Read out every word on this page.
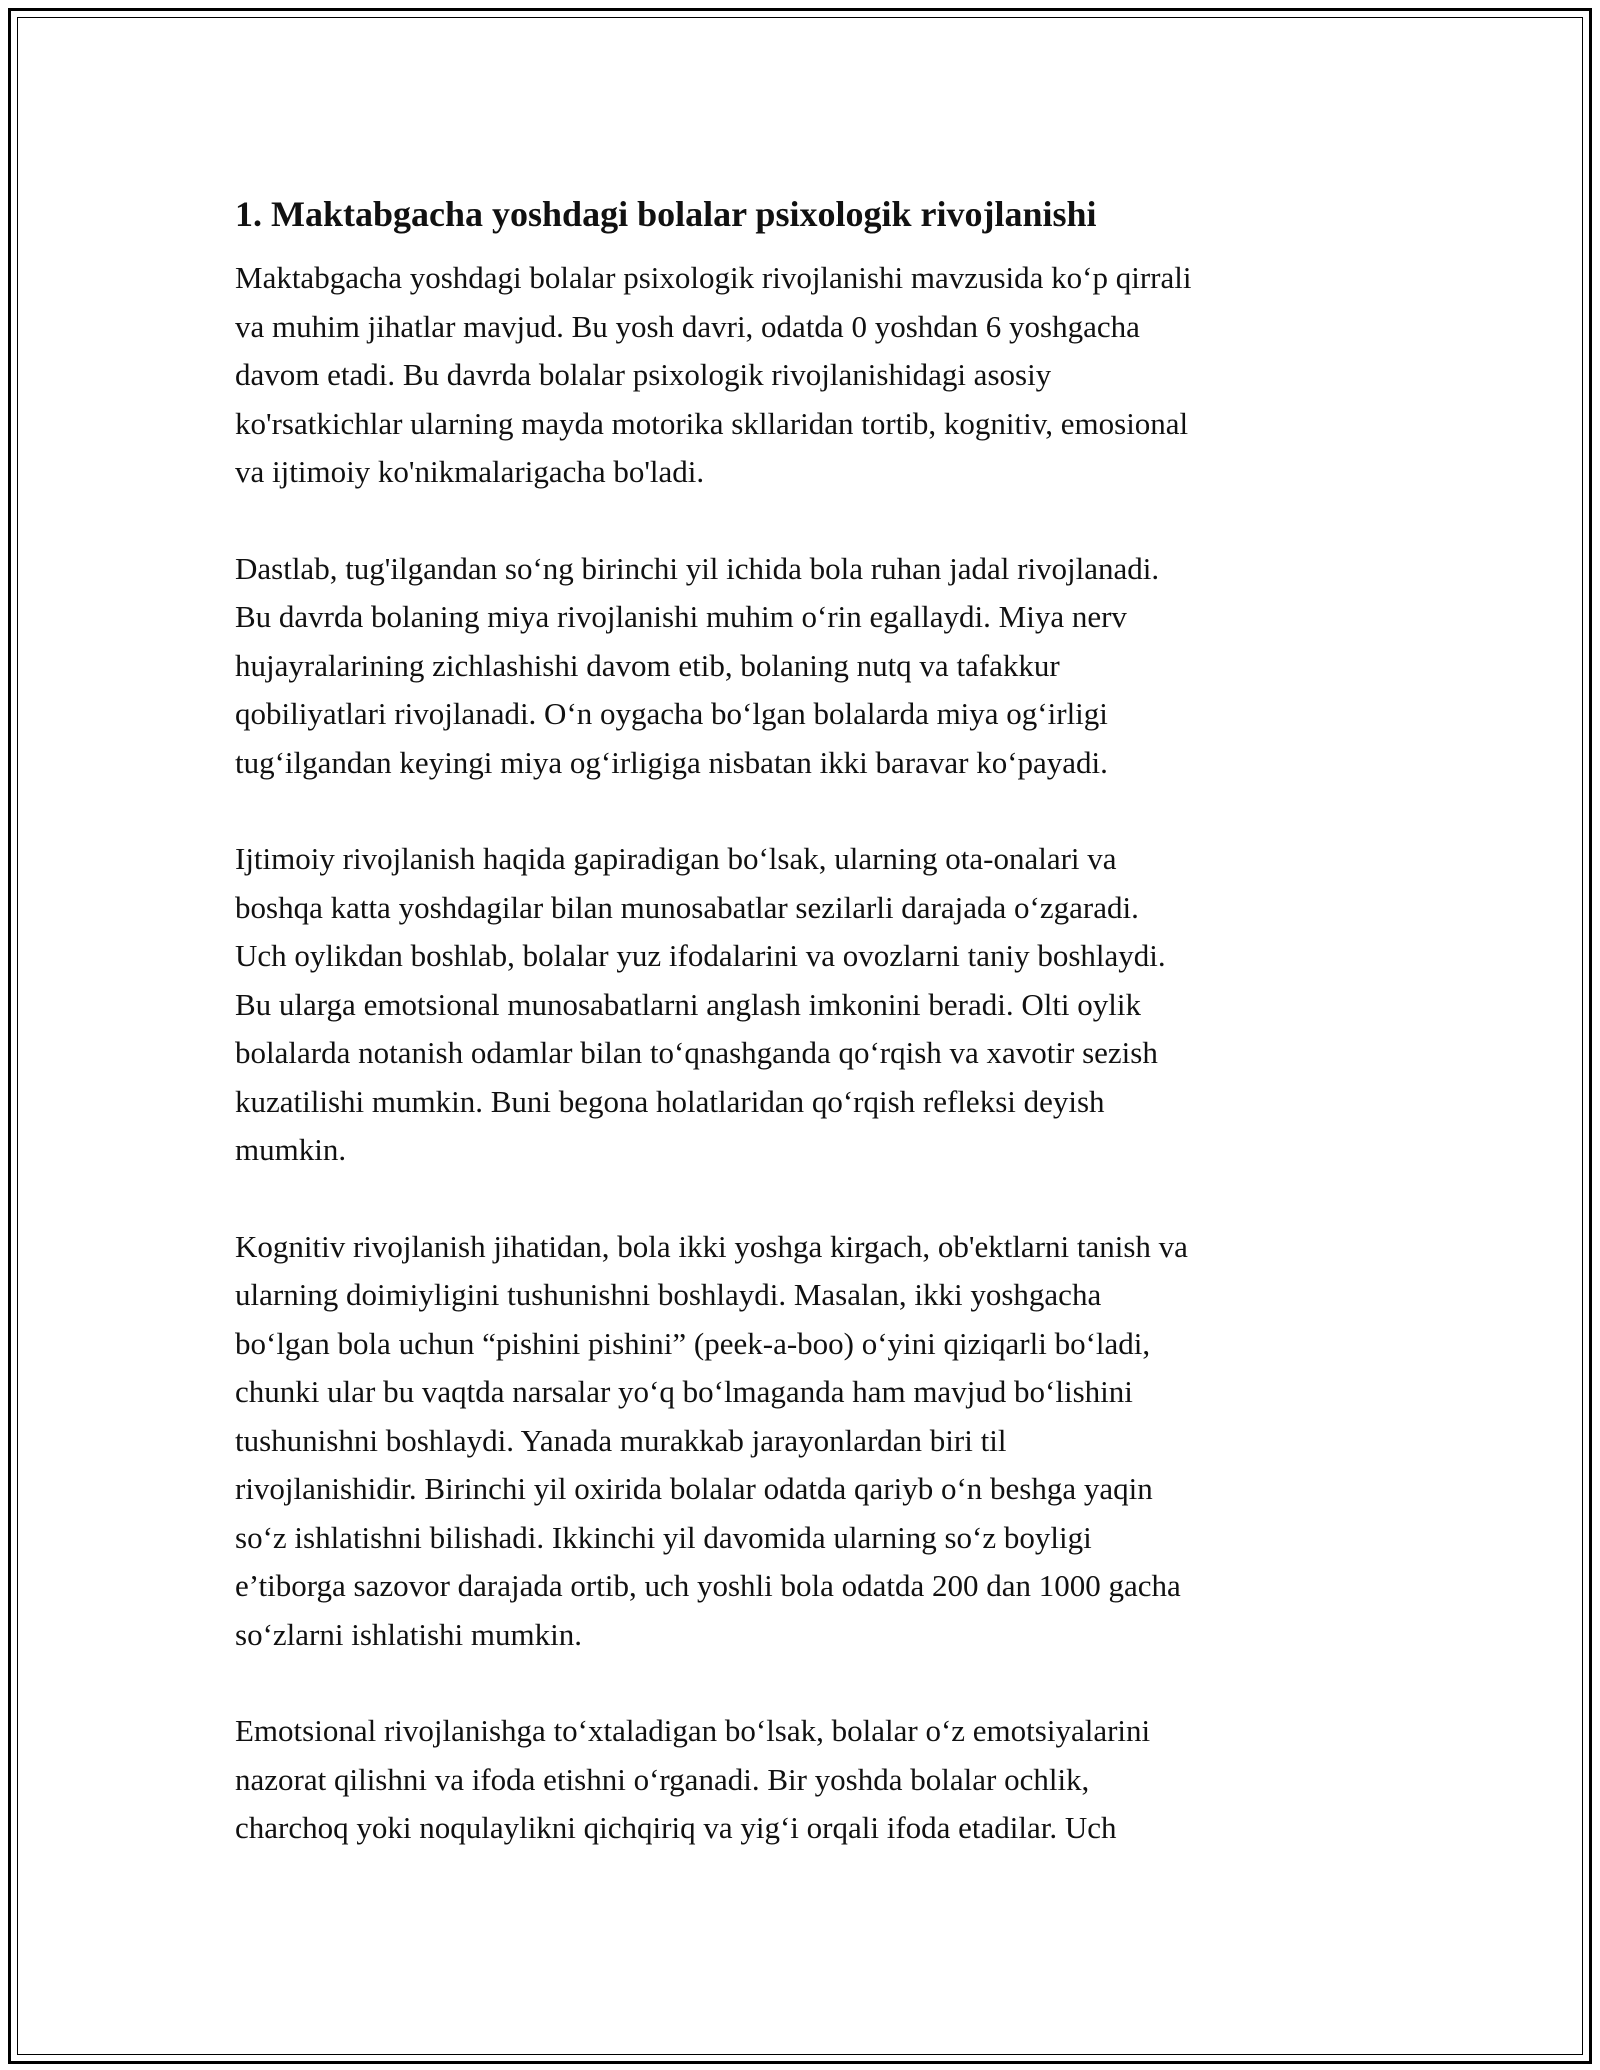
1. Maktabgacha yoshdagi bolalar psixologik rivojlanishi

Maktabgacha yoshdagi bolalar psixologik rivojlanishi mavzusida ko‘p qirrali
va muhim jihatlar mavjud. Bu yosh davri, odatda 0 yoshdan 6 yoshgacha
davom etadi. Bu davrda bolalar psixologik rivojlanishidagi asosiy
ko'rsatkichlar ularning mayda motorika skllaridan tortib, kognitiv, emosional
va ijtimoiy ko'nikmalarigacha bo'ladi.

Dastlab, tug'ilgandan so‘ng birinchi yil ichida bola ruhan jadal rivojlanadi.
Bu davrda bolaning miya rivojlanishi muhim o‘rin egallaydi. Miya nerv
hujayralarining zichlashishi davom etib, bolaning nutq va tafakkur
qobiliyatlari rivojlanadi. O‘n oygacha bo‘lgan bolalarda miya og‘irligi
tug‘ilgandan keyingi miya og‘irligiga nisbatan ikki baravar ko‘payadi.

Ijtimoiy rivojlanish haqida gapiradigan bo‘lsak, ularning ota-onalari va
boshqa katta yoshdagilar bilan munosabatlar sezilarli darajada o‘zgaradi.
Uch oylikdan boshlab, bolalar yuz ifodalarini va ovozlarni taniy boshlaydi.
Bu ularga emotsional munosabatlarni anglash imkonini beradi. Olti oylik
bolalarda notanish odamlar bilan to‘qnashganda qo‘rqish va xavotir sezish
kuzatilishi mumkin. Buni begona holatlaridan qo‘rqish refleksi deyish
mumkin.

Kognitiv rivojlanish jihatidan, bola ikki yoshga kirgach, ob'ektlarni tanish va
ularning doimiyligini tushunishni boshlaydi. Masalan, ikki yoshgacha
bo‘lgan bola uchun “pishini pishini” (peek-a-boo) o‘yini qiziqarli bo‘ladi,
chunki ular bu vaqtda narsalar yo‘q bo‘lmaganda ham mavjud bo‘lishini
tushunishni boshlaydi. Yanada murakkab jarayonlardan biri til
rivojlanishidir. Birinchi yil oxirida bolalar odatda qariyb o‘n beshga yaqin
so‘z ishlatishni bilishadi. Ikkinchi yil davomida ularning so‘z boyligi
e’tiborga sazovor darajada ortib, uch yoshli bola odatda 200 dan 1000 gacha
so‘zlarni ishlatishi mumkin.

Emotsional rivojlanishga to‘xtaladigan bo‘lsak, bolalar o‘z emotsiyalarini
nazorat qilishni va ifoda etishni o‘rganadi. Bir yoshda bolalar ochlik,
charchoq yoki noqulaylikni qichqiriq va yig‘i orqali ifoda etadilar. Uch
